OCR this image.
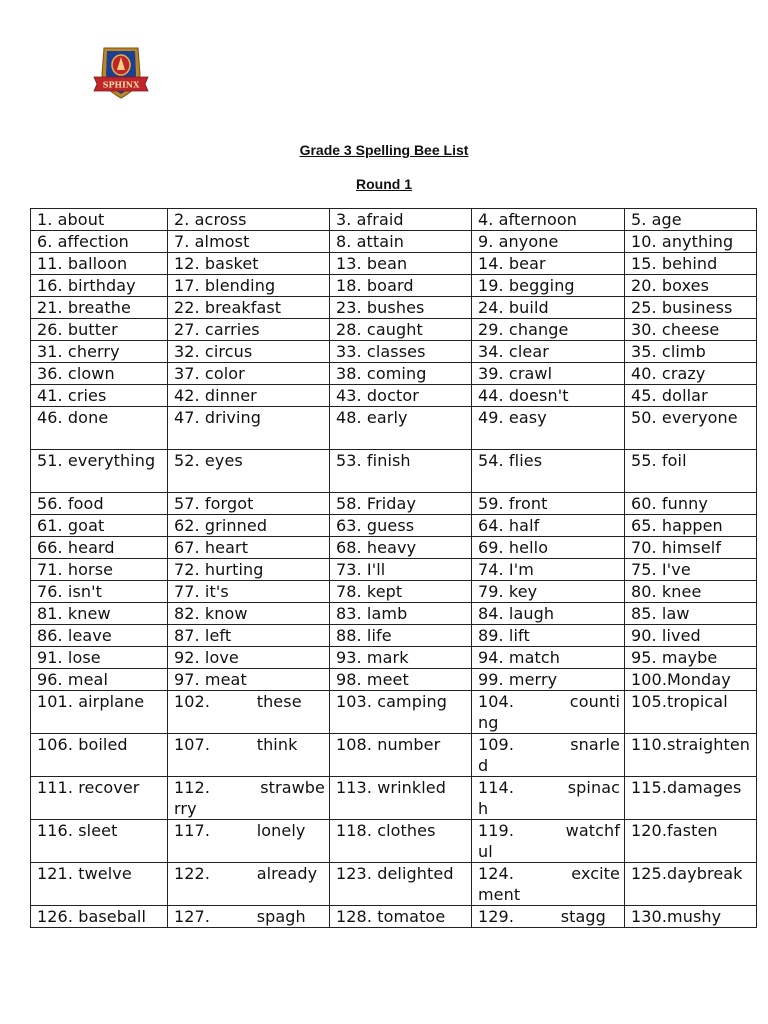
SPHINX
Grade 3 Spelling Bee List
Round 1
1. about	2. across	3. afraid	4. afternoon	5. age
6. affection	7. almost	8. attain	9. anyone	10. anything
11. balloon	12. basket	13. bean	14. bear	15. behind
16. birthday	17. blending	18. board	19. begging	20. boxes
21. breathe	22. breakfast	23. bushes	24. build	25. business
26. butter	27. carries	28. caught	29. change	30. cheese
31. cherry	32. circus	33. classes	34. clear	35. climb
36. clown	37. color	38. coming	39. crawl	40. crazy
41. cries	42. dinner	43. doctor	44. doesn't	45. dollar
46. done	47. driving	48. early	49. easy	50. everyone
51. everything	52. eyes	53. finish	54. flies	55. foil
56. food	57. forgot	58. Friday	59. front	60. funny
61. goat	62. grinned	63. guess	64. half	65. happen
66. heard	67. heart	68. heavy	69. hello	70. himself
71. horse	72. hurting	73. I'll	74. I'm	75. I've
76. isn't	77. it's	78. kept	79. key	80. knee
81. knew	82. know	83. lamb	84. laugh	85. law
86. leave	87. left	88. life	89. lift	90. lived
91. lose	92. love	93. mark	94. match	95. maybe
96. meal	97. meat	98. meet	99. merry	100.Monday
101. airplane	102.         these	103. camping	104.         counting	105.tropical
106. boiled	107.         think	108. number	109.         snarled	110.straighten
111. recover	112.         strawberry	113. wrinkled	114.         spinach	115.damages
116. sleet	117.         lonely	118. clothes	119.         watchful	120.fasten
121. twelve	122.         already	123. delighted	124.         excitement	125.daybreak
126. baseball	127.         spagh	128. tomatoe	129.         stagg	130.mushy
